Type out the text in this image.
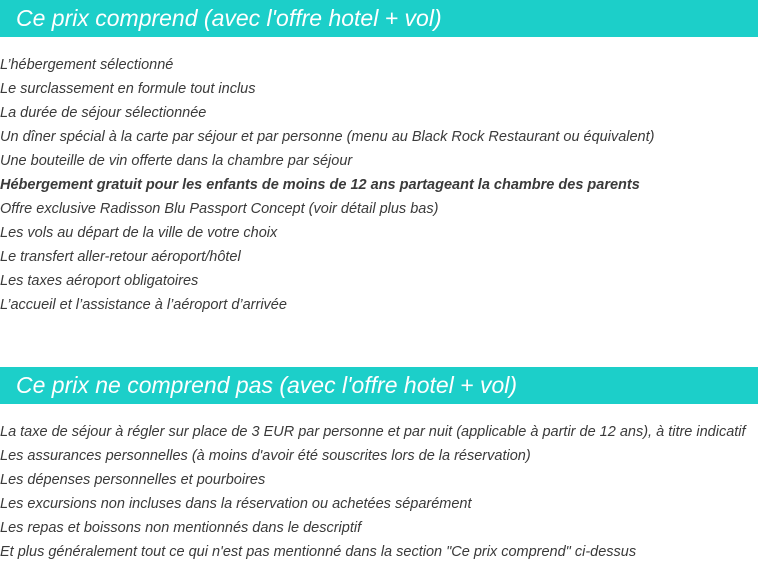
Ce prix comprend (avec l'offre hotel + vol)
L’hébergement sélectionné
Le surclassement en formule tout inclus
La durée de séjour sélectionnée
Un dîner spécial à la carte par séjour et par personne (menu au Black Rock Restaurant ou équivalent)
Une bouteille de vin offerte dans la chambre par séjour
Hébergement gratuit pour les enfants de moins de 12 ans partageant la chambre des parents
Offre exclusive Radisson Blu Passport Concept (voir détail plus bas)
Les vols au départ de la ville de votre choix
Le transfert aller-retour aéroport/hôtel
Les taxes aéroport obligatoires
L’accueil et l’assistance à l’aéroport d’arrivée
Ce prix ne comprend pas (avec l'offre hotel + vol)
La taxe de séjour à régler sur place de 3 EUR par personne et par nuit (applicable à partir de 12 ans), à titre indicatif
Les assurances personnelles (à moins d'avoir été souscrites lors de la réservation)
Les dépenses personnelles et pourboires
Les excursions non incluses dans la réservation ou achetées séparément
Les repas et boissons non mentionnés dans le descriptif
Et plus généralement tout ce qui n'est pas mentionné dans la section "Ce prix comprend" ci-dessus
